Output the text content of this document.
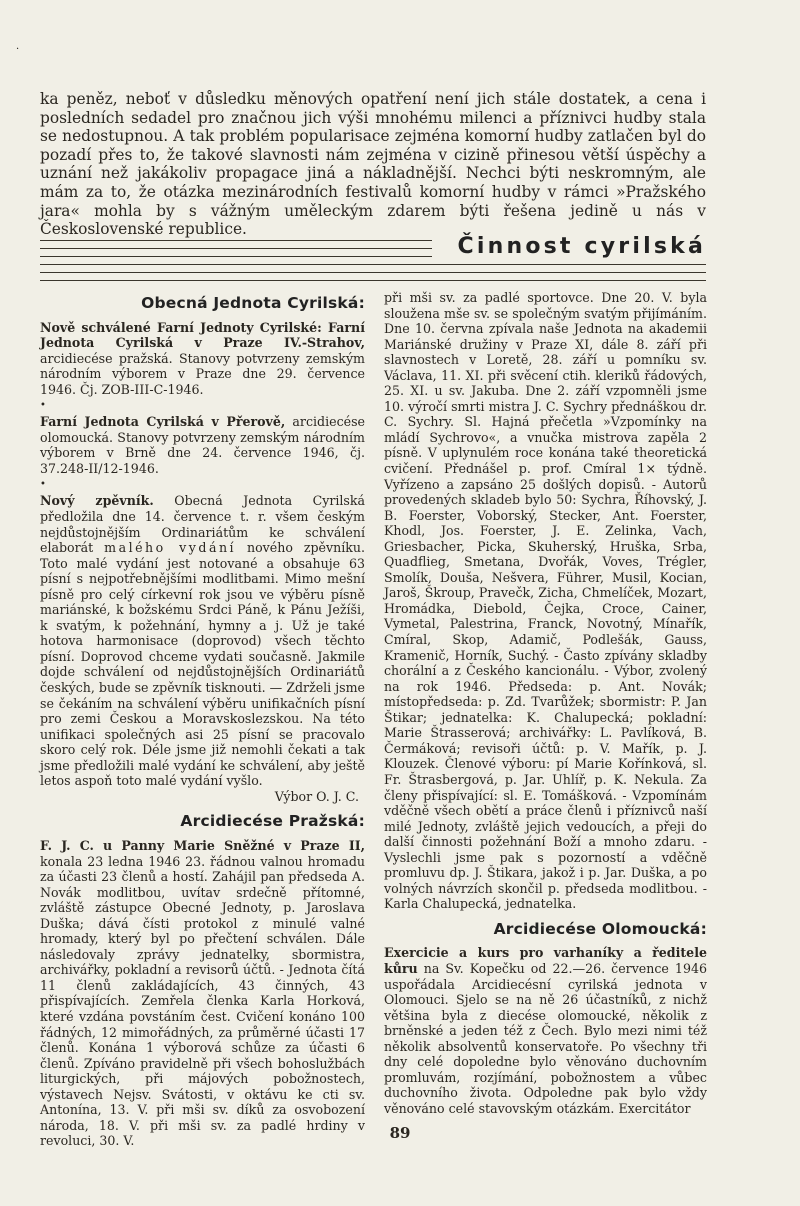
·
ka peněz, neboť v důsledku měnových opatření není jich stále dostatek, a cena i posledních sedadel pro značnou jich výši mnohému milenci a příznivci hudby stala se nedostupnou. A tak problém popularisace zejména komorní hudby zatlačen byl do pozadí přes to, že takové slavnosti nám zejména v cizině přinesou větší úspěchy a uznání než jakákoliv propagace jiná a nákladnější. Nechci býti neskromným, ale mám za to, že otázka mezinárodních festivalů komorní hudby v rámci »Pražského jara« mohla by s vážným uměleckým zdarem býti řešena jedině u nás v Československé republice.
Činnost cyrilská
Obecná Jednota Cyrilská:

Nově schválené Farní Jednoty Cyrilské: Farní Jednota Cyrilská v Praze IV.-Strahov, arcidiecése pražská. Stanovy potvrzeny zemským národním výborem v Praze dne 29. července 1946. Čj. ZOB-III-C-1946.

•

Farní Jednota Cyrilská v Přerově, arcidiecése olomoucká. Stanovy potvrzeny zemským národním výborem v Brně dne 24. července 1946, čj. 37.248-II/12-1946.

•

Nový zpěvník. Obecná Jednota Cyrilská předložila dne 14. července t. r. všem českým nejdůstojnějším Ordinariátům ke schválení elaborát malého vydání nového zpěvníku. Toto malé vydání jest notované a obsahuje 63 písní s nejpotřebnějšími modlitbami. Mimo mešní písně pro celý církevní rok jsou ve výběru písně mariánské, k božskému Srdci Páně, k Pánu Ježíši, k svatým, k požehnání, hymny a j. Už je také hotova harmonisace (doprovod) všech těchto písní. Doprovod chceme vydati současně. Jakmile dojde schválení od nejdůstojnějších Ordinariátů českých, bude se zpěvník tisknouti. — Zdrželi jsme se čekáním na schválení výběru unifikačních písní pro zemi Českou a Moravskoslezskou. Na této unifikaci společných asi 25 písní se pracovalo skoro celý rok. Déle jsme již nemohli čekati a tak jsme předložili malé vydání ke schválení, aby ještě letos aspoň toto malé vydání vyšlo.

Výbor O. J. C.

Arcidiecése Pražská:

F. J. C. u Panny Marie Sněžné v Praze II, konala 23 ledna 1946 23. řádnou valnou hromadu za účasti 23 členů a hostí. Zahájil pan předseda A. Novák modlitbou, uvítav srdečně přítomné, zvláště zástupce Obecné Jednoty, p. Jaroslava Duška; dává čísti protokol z minulé valné hromady, který byl po přečtení schválen. Dále následovaly zprávy jednatelky, sbormistra, archivářky, pokladní a revisorů účtů. - Jednota čítá 11 členů zakládajících, 43 činných, 43 přispívajících. Zemřela členka Karla Horková, které vzdána povstáním čest. Cvičení konáno 100 řádných, 12 mimořádných, za průměrné účasti 17 členů. Konána 1 výborová schůze za účasti 6 členů. Zpíváno pravidelně při všech bohoslužbách liturgických, při májových pobožnostech, výstavech Nejsv. Svátosti, v oktávu ke cti sv. Antonína, 13. V. při mši sv. díků za osvobození národa, 18. V. při mši sv. za padlé hrdiny v revoluci, 30. V.

při mši sv. za padlé sportovce. Dne 20. V. byla sloužena mše sv. se společným svatým přijímáním. Dne 10. června zpívala naše Jednota na akademii Mariánské družiny v Praze XI, dále 8. září při slavnostech v Loretě, 28. září u pomníku sv. Václava, 11. XI. při svěcení ctih. kleriků řádových, 25. XI. u sv. Jakuba. Dne 2. září vzpomněli jsme 10. výročí smrti mistra J. C. Sychry přednáškou dr. C. Sychry. Sl. Hajná přečetla »Vzpomínky na mládí Sychrovo«, a vnučka mistrova zapěla 2 písně. V uplynulém roce konána také theoretická cvičení. Přednášel p. prof. Cmíral 1× týdně. Vyřízeno a zapsáno 25 došlých dopisů. - Autorů provedených skladeb bylo 50: Sychra, Říhovský, J. B. Foerster, Voborský, Stecker, Ant. Foerster, Khodl, Jos. Foerster, J. E. Zelinka, Vach, Griesbacher, Picka, Skuherský, Hruška, Srba, Quadflieg, Smetana, Dvořák, Voves, Trégler, Smolík, Douša, Nešvera, Führer, Musil, Kocian, Jaroš, Škroup, Pravečk, Zicha, Chmelíček, Mozart, Hromádka, Diebold, Čejka, Croce, Cainer, Vymetal, Palestrina, Franck, Novotný, Mínařík, Cmíral, Skop, Adamič, Podlešák, Gauss, Kramenič, Horník, Suchý. - Často zpívány skladby chorální a z Českého kancionálu. - Výbor, zvolený na rok 1946. Předseda: p. Ant. Novák; místopředseda: p. Zd. Tvarůžek; sbormistr: P. Jan Štikar; jednatelka: K. Chalupecká; pokladní: Marie Štrasserová; archivářky: L. Pavlíková, B. Čermáková; revisoři účtů: p. V. Mařík, p. J. Klouzek. Členové výboru: pí Marie Kořínková, sl. Fr. Štrasbergová, p. Jar. Uhlíř, p. K. Nekula. Za členy přispívající: sl. E. Tomášková. - Vzpomínám vděčně všech obětí a práce členů i příznivců naší milé Jednoty, zvláště jejich vedoucích, a přeji do další činnosti požehnání Boží a mnoho zdaru. - Vyslechli jsme pak s pozorností a vděčně promluvu dp. J. Štikara, jakož i p. Jar. Duška, a po volných návrzích skončil p. předseda modlitbou. - Karla Chalupecká, jednatelka.

Arcidiecése Olomoucká:

Exercicie a kurs pro varhaníky a ředitele kůru na Sv. Kopečku od 22.—26. července 1946 uspořádala Arcidiecésní cyrilská jednota v Olomouci. Sjelo se na ně 26 účastníků, z nichž většina byla z diecése olomoucké, několik z brněnské a jeden též z Čech. Bylo mezi nimi též několik absolventů konservatoře. Po všechny tři dny celé dopoledne bylo věnováno duchovním promluvám, rozjímání, pobožnostem a vůbec duchovního života. Odpoledne pak bylo vždy věnováno celé stavovským otázkám. Exercitátor

89
